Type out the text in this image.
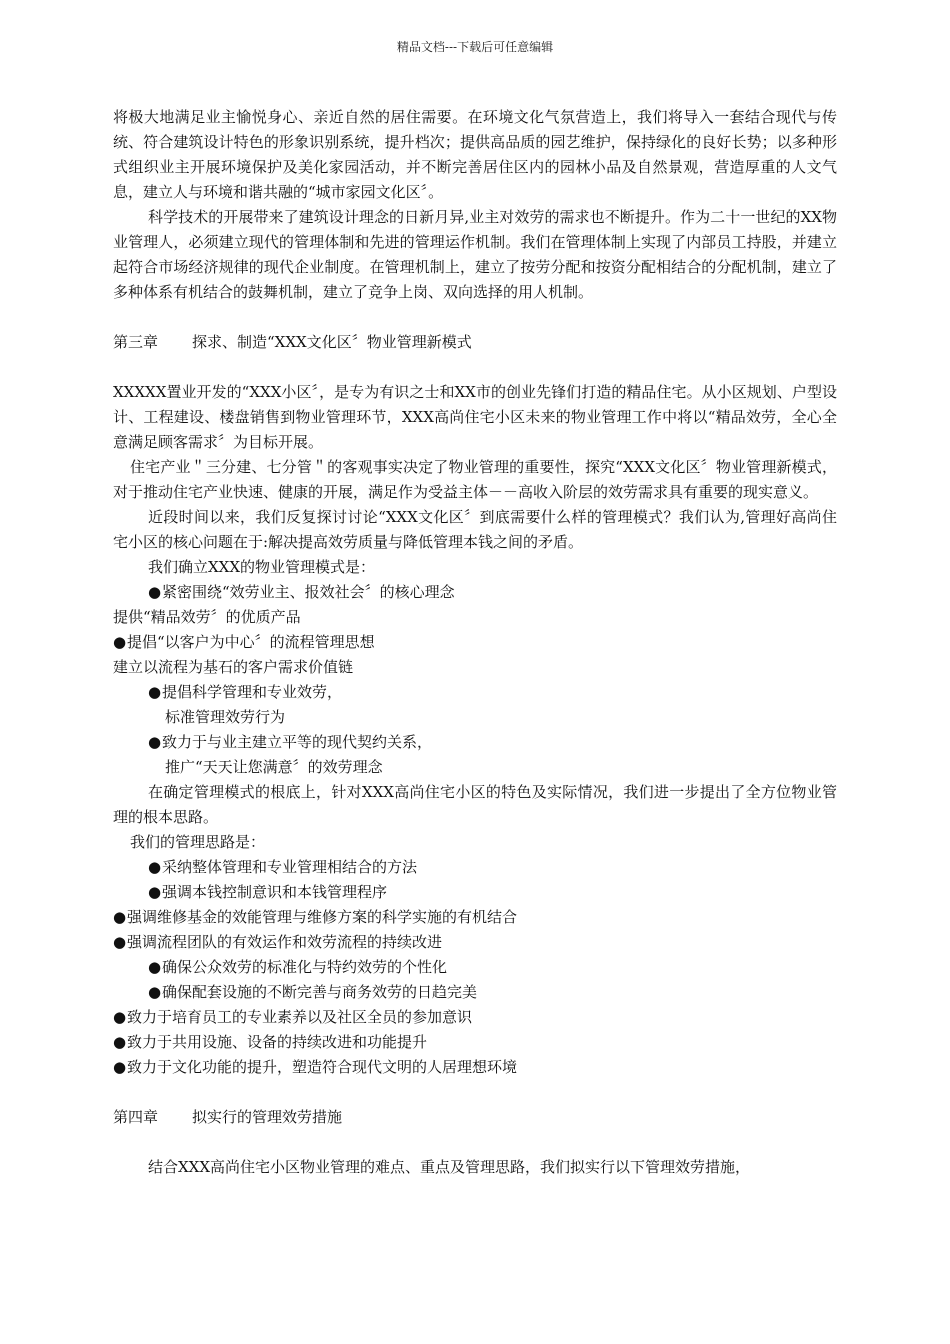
精品文档---下载后可任意编辑

将极大地满足业主愉悦身心、亲近自然的居住需要。在环境文化气氛营造上，我们将导入一套结合现代与传统、符合建筑设计特色的形象识别系统，提升档次；提供高品质的园艺维护，保持绿化的良好长势；以多种形式组织业主开展环境保护及美化家园活动，并不断完善居住区内的园林小品及自然景观，营造厚重的人文气息，建立人与环境和谐共融的“城市家园文化区〞。

科学技术的开展带来了建筑设计理念的日新月异,业主对效劳的需求也不断提升。作为二十一世纪的XX物业管理人，必须建立现代的管理体制和先进的管理运作机制。我们在管理体制上实现了内部员工持股，并建立起符合市场经济规律的现代企业制度。在管理机制上，建立了按劳分配和按资分配相结合的分配机制，建立了多种体系有机结合的鼓舞机制，建立了竞争上岗、双向选择的用人机制。

第三章 探求、制造“XXX文化区〞物业管理新模式

XXXXX置业开发的“XXX小区〞，是专为有识之士和XX市的创业先锋们打造的精品住宅。从小区规划、户型设计、工程建设、楼盘销售到物业管理环节，XXX高尚住宅小区未来的物业管理工作中将以“精品效劳，全心全意满足顾客需求〞为目标开展。

住宅产业＂三分建、七分管＂的客观事实决定了物业管理的重要性，探究“XXX文化区〞物业管理新模式，对于推动住宅产业快速、健康的开展，满足作为受益主体－－高收入阶层的效劳需求具有重要的现实意义。

近段时间以来，我们反复探讨讨论“XXX文化区〞到底需要什么样的管理模式？我们认为,管理好高尚住宅小区的核心问题在于:解决提高效劳质量与降低管理本钱之间的矛盾。

我们确立XXX的物业管理模式是：

●紧密围绕“效劳业主、报效社会〞的核心理念

提供“精品效劳〞的优质产品

●提倡“以客户为中心〞的流程管理思想

建立以流程为基石的客户需求价值链

●提倡科学管理和专业效劳，

标准管理效劳行为

●致力于与业主建立平等的现代契约关系，

推广“天天让您满意〞的效劳理念

在确定管理模式的根底上，针对XXX高尚住宅小区的特色及实际情况，我们进一步提出了全方位物业管理的根本思路。

我们的管理思路是：

●采纳整体管理和专业管理相结合的方法

●强调本钱控制意识和本钱管理程序

●强调维修基金的效能管理与维修方案的科学实施的有机结合

●强调流程团队的有效运作和效劳流程的持续改进

●确保公众效劳的标准化与特约效劳的个性化

●确保配套设施的不断完善与商务效劳的日趋完美

●致力于培育员工的专业素养以及社区全员的参加意识

●致力于共用设施、设备的持续改进和功能提升

●致力于文化功能的提升，塑造符合现代文明的人居理想环境

第四章 拟实行的管理效劳措施

结合XXX高尚住宅小区物业管理的难点、重点及管理思路，我们拟实行以下管理效劳措施，
